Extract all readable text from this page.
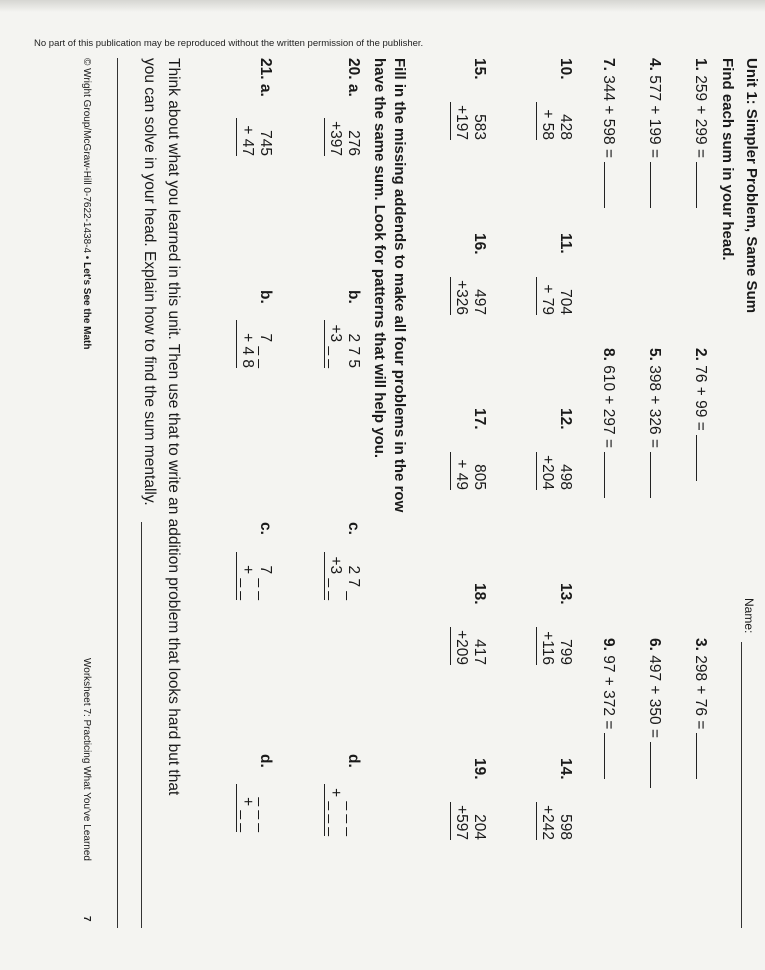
No part of this publication may be reproduced without the written permission of the publisher.
Unit 1: Simpler Problem, Same Sum
Name:
Find each sum in your head.
1. 259 + 299 =
2. 76 + 99 =
3. 298 + 76 =
4. 577 + 199 =
5. 398 + 326 =
6. 497 + 350 =
7. 344 + 598 =
8. 610 + 297 =
9. 97 + 372 =
10.
428
+ 58
11.
704
+ 79
12.
498
+204
13.
799
+116
14.
598
+242
15.
583
+197
16.
497
+326
17.
805
+ 49
18.
417
+209
19.
204
+597
Fill in the missing addends to make all four problems in the row
have the same sum. Look for patterns that will help you.
20. a.
276
+397
b.
2 7 5
+3 _ _
c.
2 7 _
+3 _ _
d.
_ _ _
+ _ _ _
21. a.
745
+ 47
b.
7 _ _
+ 4 8
c.
7 _ _
+ _ _
d.
_ _ _
+ _ _
Think about what you learned in this unit. Then use that to write an addition problem that looks hard but that
you can solve in your head. Explain how to find the sum mentally.
© Wright Group/McGraw-Hill 0-7622-1438-4 • Let's See the Math
Worksheet 7: Practicing What You've Learned
7
